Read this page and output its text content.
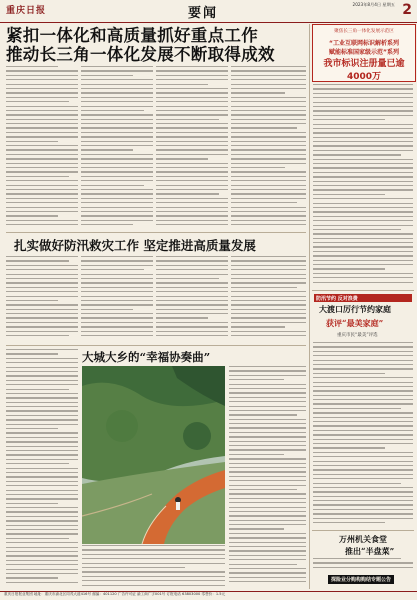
重庆日报	要闻
2023年8月4日 星期五 2
紧扣一体化和高质量抓好重点工作
推动长三角一体化发展不断取得成效
聚焦长三角一体化发展示范区
“工业互联网标识解析系列
赋能标准国家级示范”系列
我市标识注册量已逾4000万
扎实做好防汛救灾工作 坚定推进高质量发展
大城大乡的“幸福协奏曲”
防汛节约 反对浪费
大渡口厉行节约家庭
获评“最美家庭”
重庆市民“最美”评选
万州机关食堂
推出“半盘菜”
探险业分购构购结专题公告
重庆日报报业集团 地址：重庆市渝北区同茂大道416号 邮编：401120 广告许可证 渝工商广字001号 订报电话 63803000 零售价：1.5元
